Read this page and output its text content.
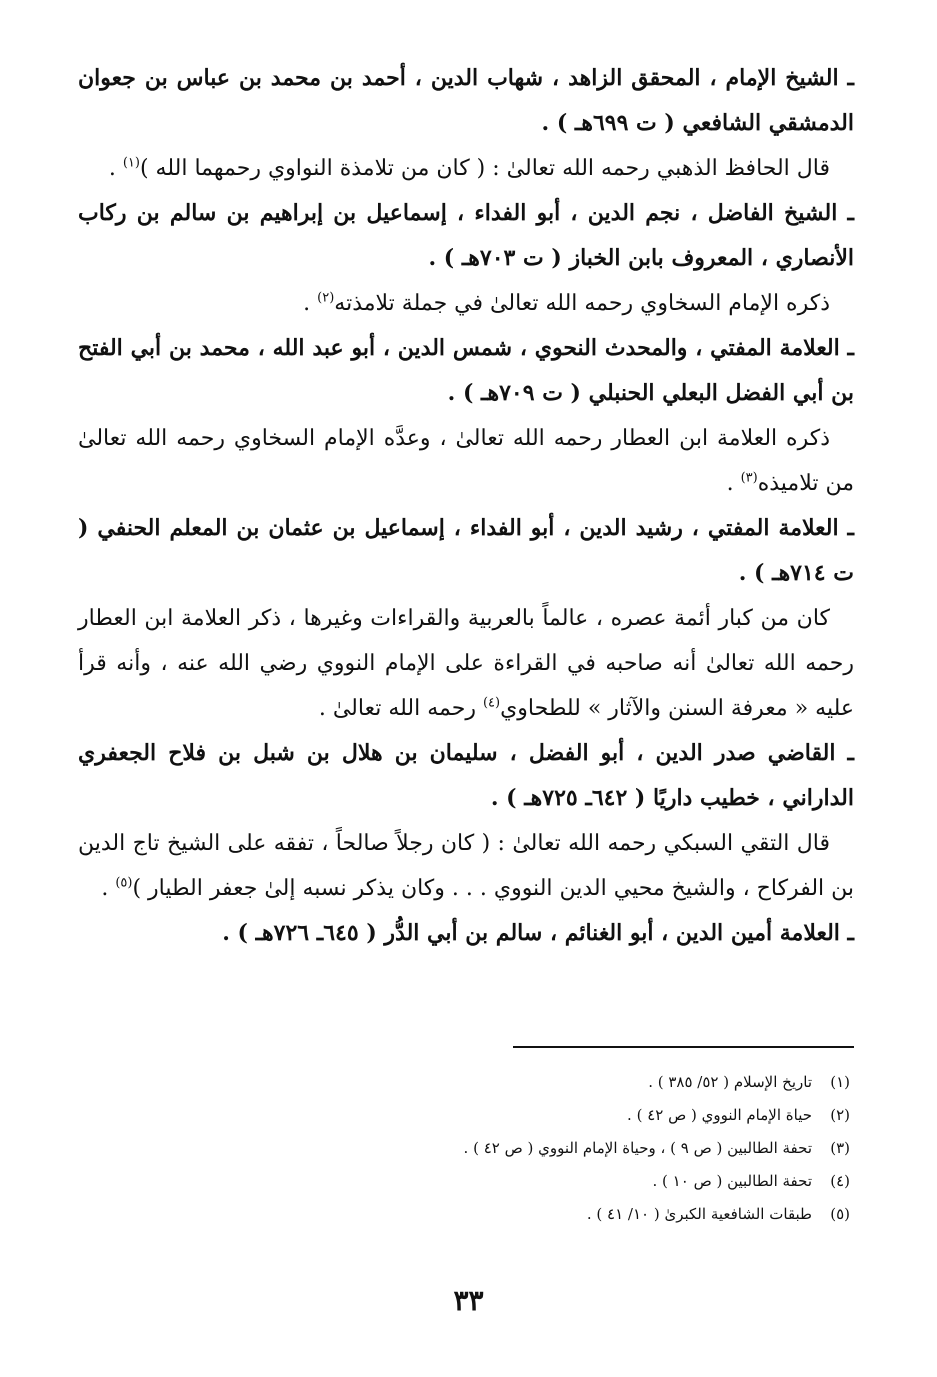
ـ الشيخ الإمام ، المحقق الزاهد ، شهاب الدين ، أحمد بن محمد بن عباس بن جعوان الدمشقي الشافعي ( ت ٦٩٩هـ ) .

قال الحافظ الذهبي رحمه الله تعالىٰ : ( كان من تلامذة النواوي رحمهما الله )$^{(١)}$ .

ـ الشيخ الفاضل ، نجم الدين ، أبو الفداء ، إسماعيل بن إبراهيم بن سالم بن ركاب الأنصاري ، المعروف بابن الخباز ( ت ٧٠٣هـ ) .

ذكره الإمام السخاوي رحمه الله تعالىٰ في جملة تلامذته$^{(٢)}$ .

ـ العلامة المفتي ، والمحدث النحوي ، شمس الدين ، أبو عبد الله ، محمد بن أبي الفتح بن أبي الفضل البعلي الحنبلي ( ت ٧٠٩هـ ) .

ذكره العلامة ابن العطار رحمه الله تعالىٰ ، وعدَّه الإمام السخاوي رحمه الله تعالىٰ من تلاميذه$^{(٣)}$ .

ـ العلامة المفتي ، رشيد الدين ، أبو الفداء ، إسماعيل بن عثمان بن المعلم الحنفي ( ت ٧١٤هـ ) .

كان من كبار أئمة عصره ، عالماً بالعربية والقراءات وغيرها ، ذكر العلامة ابن العطار رحمه الله تعالىٰ أنه صاحبه في القراءة على الإمام النووي رضي الله عنه ، وأنه قرأ عليه « معرفة السنن والآثار » للطحاوي$^{(٤)}$ رحمه الله تعالىٰ .

ـ القاضي صدر الدين ، أبو الفضل ، سليمان بن هلال بن شبل بن فلاح الجعفري الداراني ، خطيب داريًا ( ٦٤٢ـ ٧٢٥هـ ) .

قال التقي السبكي رحمه الله تعالىٰ : ( كان رجلاً صالحاً ، تفقه على الشيخ تاج الدين بن الفركاح ، والشيخ محيي الدين النووي . . . وكان يذكر نسبه إلىٰ جعفر الطيار )$^{(٥)}$ .

ـ العلامة أمين الدين ، أبو الغنائم ، سالم بن أبي الدُّر ( ٦٤٥ـ ٧٢٦هـ ) .

(١)
تاريخ الإسلام ( ٥٢/ ٣٨٥ ) .
(٢)
حياة الإمام النووي ( ص ٤٢ ) .
(٣)
تحفة الطالبين ( ص ٩ ) ، وحياة الإمام النووي ( ص ٤٢ ) .
(٤)
تحفة الطالبين ( ص ١٠ ) .
(٥)
طبقات الشافعية الكبرىٰ ( ١٠/ ٤١ ) .
٣٣
